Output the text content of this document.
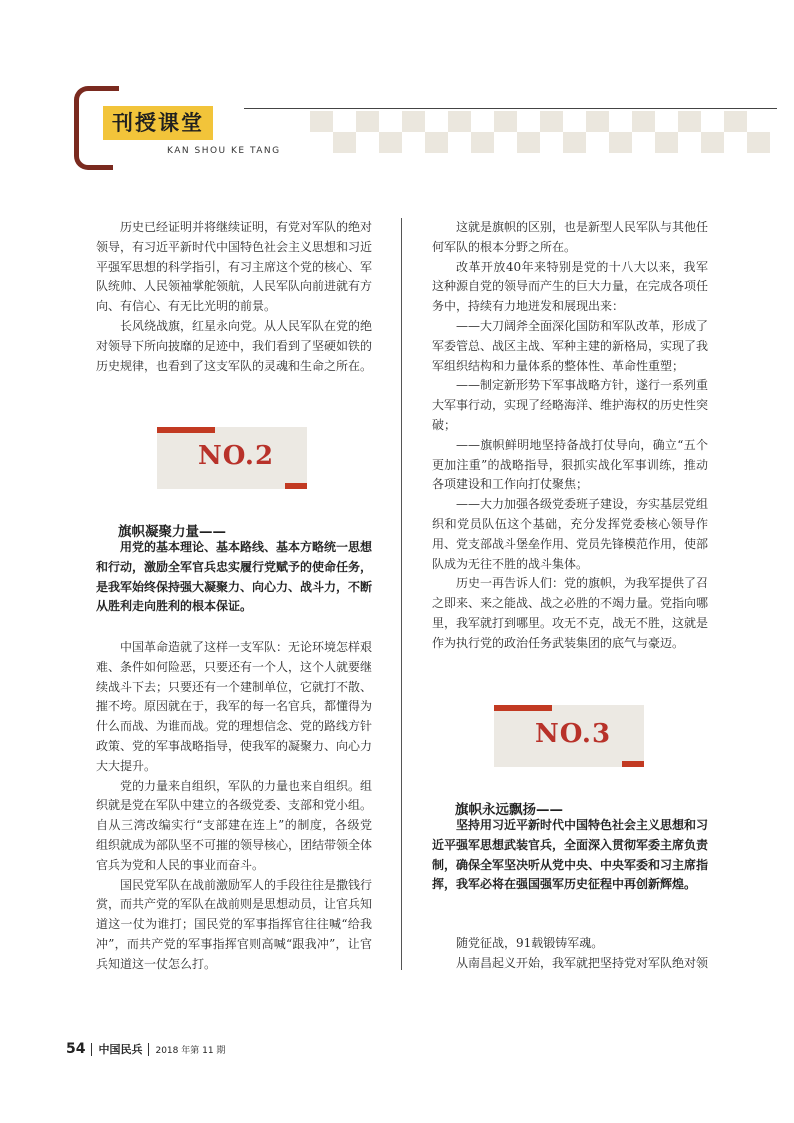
刊授课堂
KAN SHOU KE TANG

历史已经证明并将继续证明，有党对军队的绝对领导，有习近平新时代中国特色社会主义思想和习近平强军思想的科学指引，有习主席这个党的核心、军队统帅、人民领袖掌舵领航，人民军队向前进就有方向、有信心、有无比光明的前景。

长风绕战旗，红星永向党。从人民军队在党的绝对领导下所向披靡的足迹中，我们看到了坚硬如铁的历史规律，也看到了这支军队的灵魂和生命之所在。

NO.2
旗帜凝聚力量——
用党的基本理论、基本路线、基本方略统一思想和行动，激励全军官兵忠实履行党赋予的使命任务，是我军始终保持强大凝聚力、向心力、战斗力，不断从胜利走向胜利的根本保证。

中国革命造就了这样一支军队：无论环境怎样艰难、条件如何险恶，只要还有一个人，这个人就要继续战斗下去；只要还有一个建制单位，它就打不散、摧不垮。原因就在于，我军的每一名官兵，都懂得为什么而战、为谁而战。党的理想信念、党的路线方针政策、党的军事战略指导，使我军的凝聚力、向心力大大提升。

党的力量来自组织，军队的力量也来自组织。组织就是党在军队中建立的各级党委、支部和党小组。自从三湾改编实行“支部建在连上”的制度，各级党组织就成为部队坚不可摧的领导核心，团结带领全体官兵为党和人民的事业而奋斗。

国民党军队在战前激励军人的手段往往是撒钱行赏，而共产党的军队在战前则是思想动员，让官兵知道这一仗为谁打；国民党的军事指挥官往往喊“给我冲”，而共产党的军事指挥官则高喊“跟我冲”，让官兵知道这一仗怎么打。

这就是旗帜的区别，也是新型人民军队与其他任何军队的根本分野之所在。

改革开放40年来特别是党的十八大以来，我军这种源自党的领导而产生的巨大力量，在完成各项任务中，持续有力地迸发和展现出来：

——大刀阔斧全面深化国防和军队改革，形成了军委管总、战区主战、军种主建的新格局，实现了我军组织结构和力量体系的整体性、革命性重塑；

——制定新形势下军事战略方针，遂行一系列重大军事行动，实现了经略海洋、维护海权的历史性突破；

——旗帜鲜明地坚持备战打仗导向，确立“五个更加注重”的战略指导，狠抓实战化军事训练，推动各项建设和工作向打仗聚焦；

——大力加强各级党委班子建设，夯实基层党组织和党员队伍这个基础，充分发挥党委核心领导作用、党支部战斗堡垒作用、党员先锋模范作用，使部队成为无往不胜的战斗集体。

历史一再告诉人们：党的旗帜，为我军提供了召之即来、来之能战、战之必胜的不竭力量。党指向哪里，我军就打到哪里。攻无不克，战无不胜，这就是作为执行党的政治任务武装集团的底气与豪迈。

NO.3
旗帜永远飘扬——
坚持用习近平新时代中国特色社会主义思想和习近平强军思想武装官兵，全面深入贯彻军委主席负责制，确保全军坚决听从党中央、中央军委和习主席指挥，我军必将在强国强军历史征程中再创新辉煌。

随党征战，91载锻铸军魂。

从南昌起义开始，我军就把坚持党对军队绝对领

54 中国民兵 2018 年第 11 期
